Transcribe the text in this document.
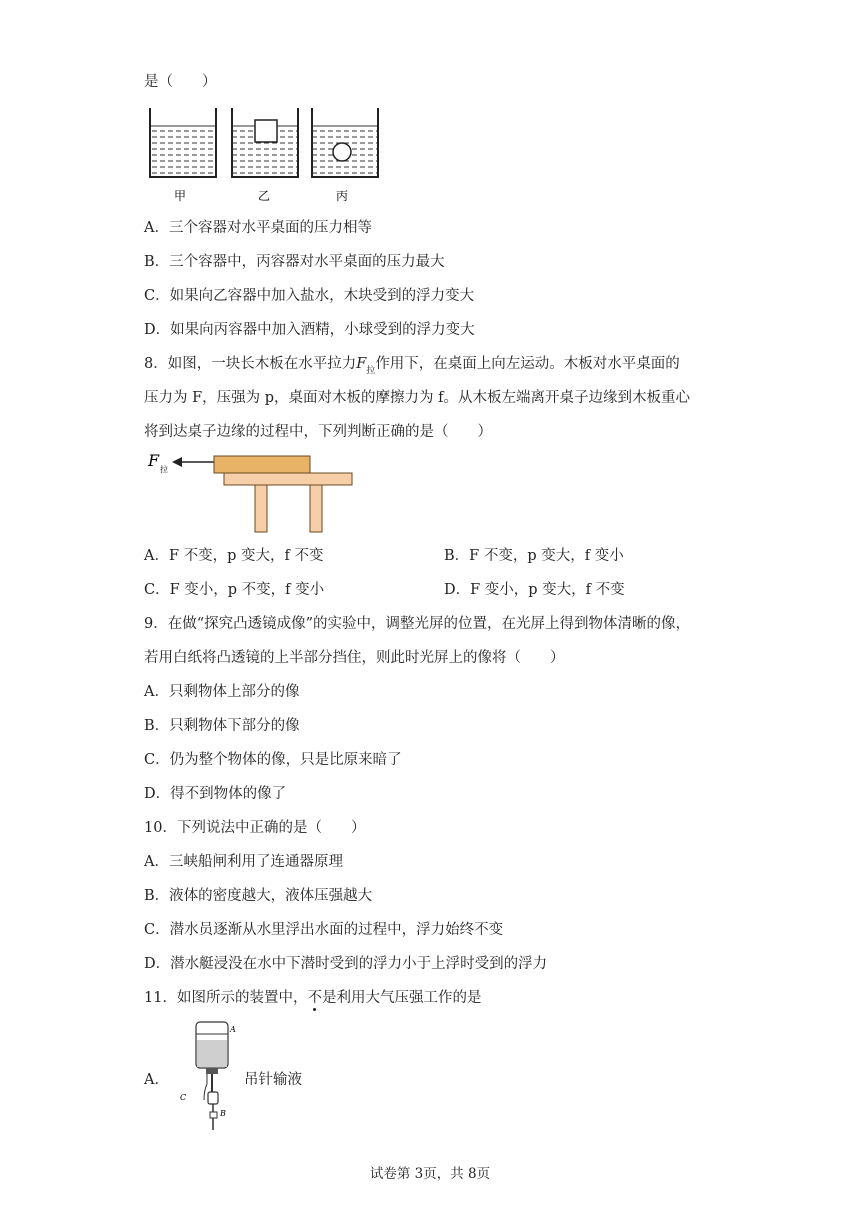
是（　　）
甲	乙	丙
A．三个容器对水平桌面的压力相等
B．三个容器中，丙容器对水平桌面的压力最大
C．如果向乙容器中加入盐水，木块受到的浮力变大
D．如果向丙容器中加入酒精，小球受到的浮力变大
8．如图，一块长木板在水平拉力$F_拉$作用下，在桌面上向左运动。木板对水平桌面的
压力为 F，压强为 p，桌面对木板的摩擦力为 f。从木板左端离开桌子边缘到木板重心
将到达桌子边缘的过程中，下列判断正确的是（　　）
F 拉
A．F 不变，p 变大，f 不变	B．F 不变，p 变大，f 变小
C．F 变小，p 不变，f 变小	D．F 变小，p 变大，f 不变
9．在做“探究凸透镜成像”的实验中，调整光屏的位置，在光屏上得到物体清晰的像，
若用白纸将凸透镜的上半部分挡住，则此时光屏上的像将（　　）
A．只剩物体上部分的像
B．只剩物体下部分的像
C．仍为整个物体的像，只是比原来暗了
D．得不到物体的像了
10．下列说法中正确的是（　　）
A．三峡船闸利用了连通器原理
B．液体的密度越大，液体压强越大
C．潜水员逐渐从水里浮出水面的过程中，浮力始终不变
D．潜水艇浸没在水中下潜时受到的浮力小于上浮时受到的浮力
11．如图所示的装置中，不是利用大气压强工作的是
A．
A
B
C
吊针输液
试卷第 3页，共 8页
